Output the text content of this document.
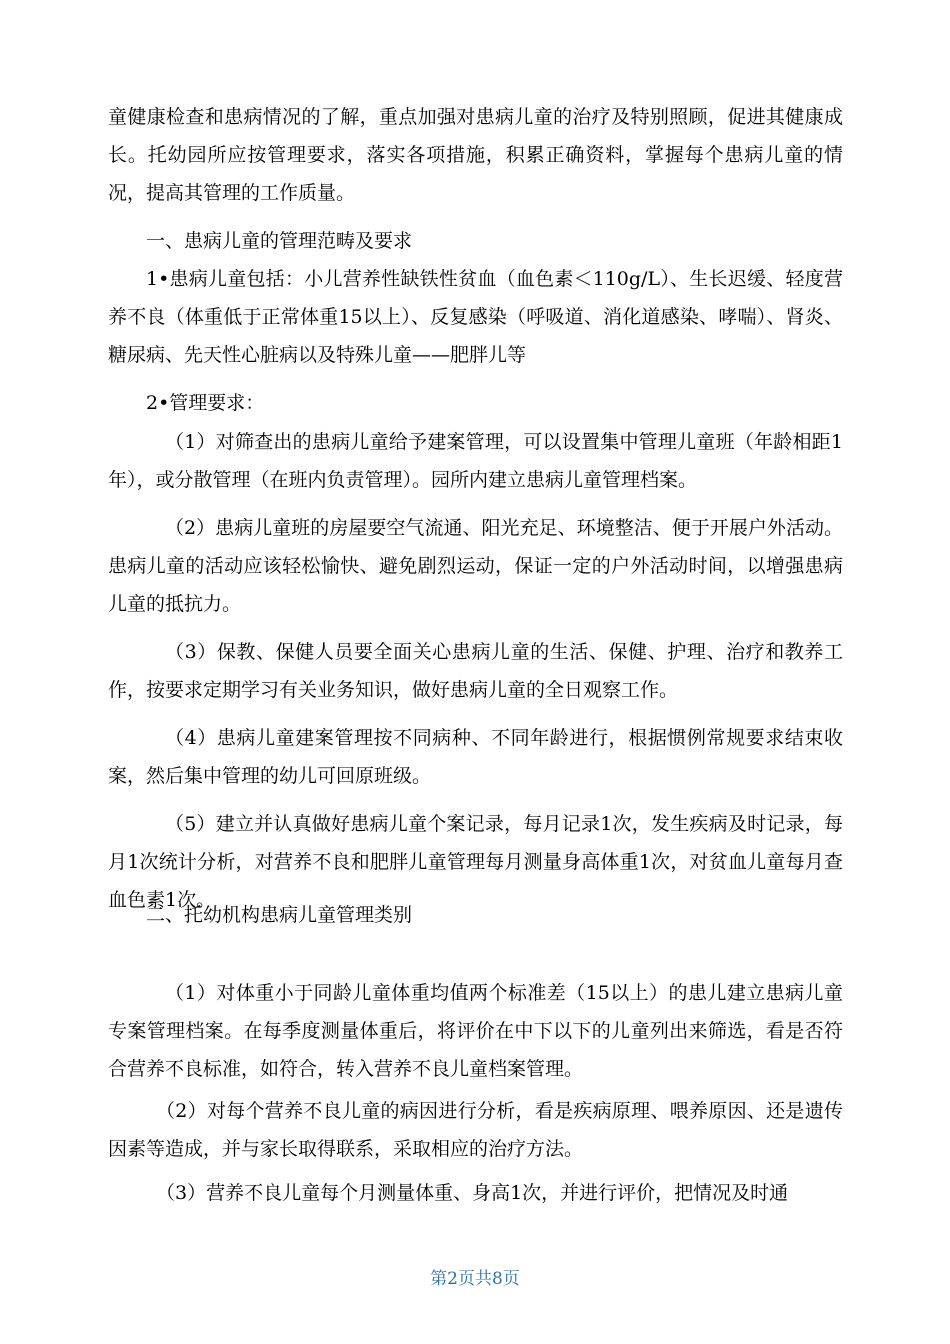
童健康检查和患病情况的了解，重点加强对患病儿童的治疗及特别照顾，促进其健康成长。托幼园所应按管理要求，落实各项措施，积累正确资料，掌握每个患病儿童的情况，提高其管理的工作质量。

一、患病儿童的管理范畴及要求

1•患病儿童包括：小儿营养性缺铁性贫血（血色素＜110g/L）、生长迟缓、轻度营养不良（体重低于正常体重15以上）、反复感染（呼吸道、消化道感染、哮喘）、肾炎、糖尿病、先天性心脏病以及特殊儿童——肥胖儿等

2•管理要求：

（1）对筛查出的患病儿童给予建案管理，可以设置集中管理儿童班（年龄相距1年），或分散管理（在班内负责管理）。园所内建立患病儿童管理档案。

（2）患病儿童班的房屋要空气流通、阳光充足、环境整洁、便于开展户外活动。患病儿童的活动应该轻松愉快、避免剧烈运动，保证一定的户外活动时间，以增强患病儿童的抵抗力。

（3）保教、保健人员要全面关心患病儿童的生活、保健、护理、治疗和教养工作，按要求定期学习有关业务知识，做好患病儿童的全日观察工作。

（4）患病儿童建案管理按不同病种、不同年龄进行，根据惯例常规要求结束收案，然后集中管理的幼儿可回原班级。

（5）建立并认真做好患病儿童个案记录，每月记录1次，发生疾病及时记录，每月1次统计分析，对营养不良和肥胖儿童管理每月测量身高体重1次，对贫血儿童每月查血色素1次。

二、托幼机构患病儿童管理类别

（1）对体重小于同龄儿童体重均值两个标准差（15以上）的患儿建立患病儿童专案管理档案。在每季度测量体重后，将评价在中下以下的儿童列出来筛选，看是否符合营养不良标准，如符合，转入营养不良儿童档案管理。

（2）对每个营养不良儿童的病因进行分析，看是疾病原理、喂养原因、还是遗传因素等造成，并与家长取得联系，采取相应的治疗方法。

（3）营养不良儿童每个月测量体重、身高1次，并进行评价，把情况及时通

第2页共8页
